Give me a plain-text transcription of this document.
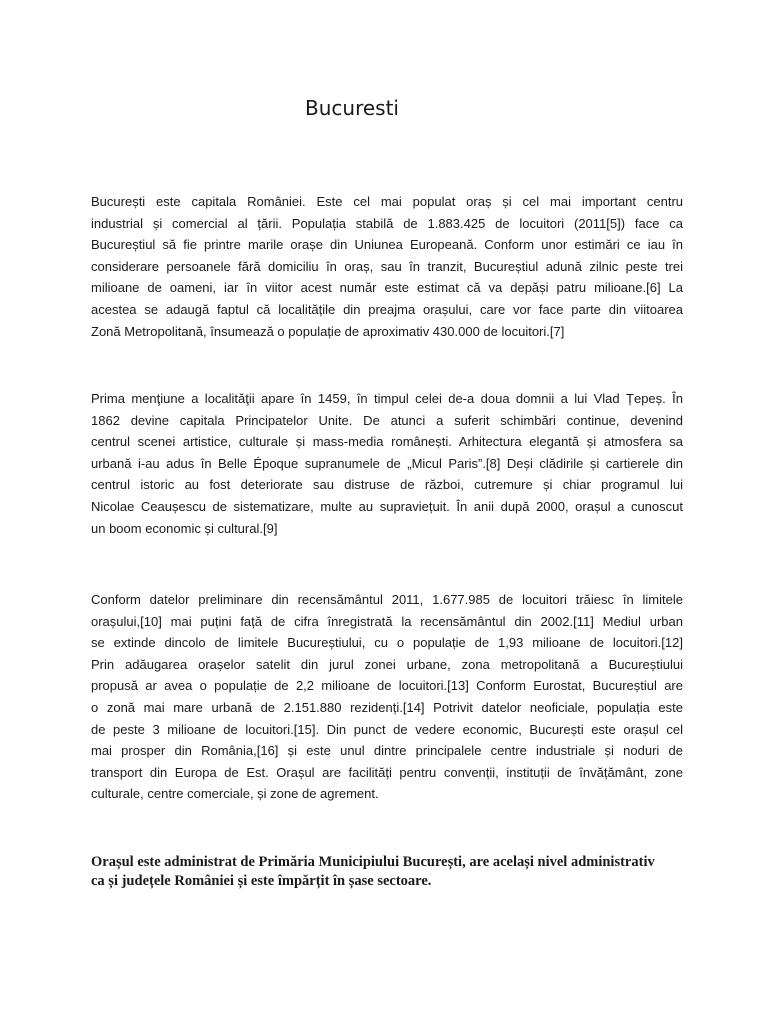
Bucuresti
București este capitala României. Este cel mai populat oraș și cel mai important centru
industrial și comercial al țării. Populația stabilă de 1.883.425 de locuitori (2011[5]) face ca
Bucureștiul să fie printre marile orașe din Uniunea Europeană. Conform unor estimări ce iau în
considerare persoanele fără domiciliu în oraș, sau în tranzit, Bucureștiul adună zilnic peste trei
milioane de oameni, iar în viitor acest număr este estimat că va depăși patru milioane.[6] La
acestea se adaugă faptul că localitățile din preajma orașului, care vor face parte din viitoarea
Zonă Metropolitană, însumează o populație de aproximativ 430.000 de locuitori.[7]
Prima menţiune a localităţii apare în 1459, în timpul celei de-a doua domnii a lui Vlad Țepeș. În
1862 devine capitala Principatelor Unite. De atunci a suferit schimbări continue, devenind
centrul scenei artistice, culturale și mass-media românești. Arhitectura elegantă și atmosfera sa
urbană i-au adus în Belle Époque supranumele de „Micul Paris”.[8] Deși clădirile și cartierele din
centrul istoric au fost deteriorate sau distruse de război, cutremure și chiar programul lui
Nicolae Ceaușescu de sistematizare, multe au supraviețuit. În anii după 2000, orașul a cunoscut
un boom economic și cultural.[9]
Conform datelor preliminare din recensământul 2011, 1.677.985 de locuitori trăiesc în limitele
orașului,[10] mai puțini față de cifra înregistrată la recensământul din 2002.[11] Mediul urban
se extinde dincolo de limitele Bucureștiului, cu o populație de 1,93 milioane de locuitori.[12]
Prin adăugarea orașelor satelit din jurul zonei urbane, zona metropolitană a Bucureștiului
propusă ar avea o populație de 2,2 milioane de locuitori.[13] Conform Eurostat, Bucureștiul are
o zonă mai mare urbană de 2.151.880 rezidenți.[14] Potrivit datelor neoficiale, populația este
de peste 3 milioane de locuitori.[15]. Din punct de vedere economic, București este orașul cel
mai prosper din România,[16] și este unul dintre principalele centre industriale și noduri de
transport din Europa de Est. Orașul are facilități pentru convenții, instituții de învățământ, zone
culturale, centre comerciale, și zone de agrement.
Orașul este administrat de Primăria Municipiului București, are același nivel administrativ
ca și județele României și este împărțit în șase sectoare.
